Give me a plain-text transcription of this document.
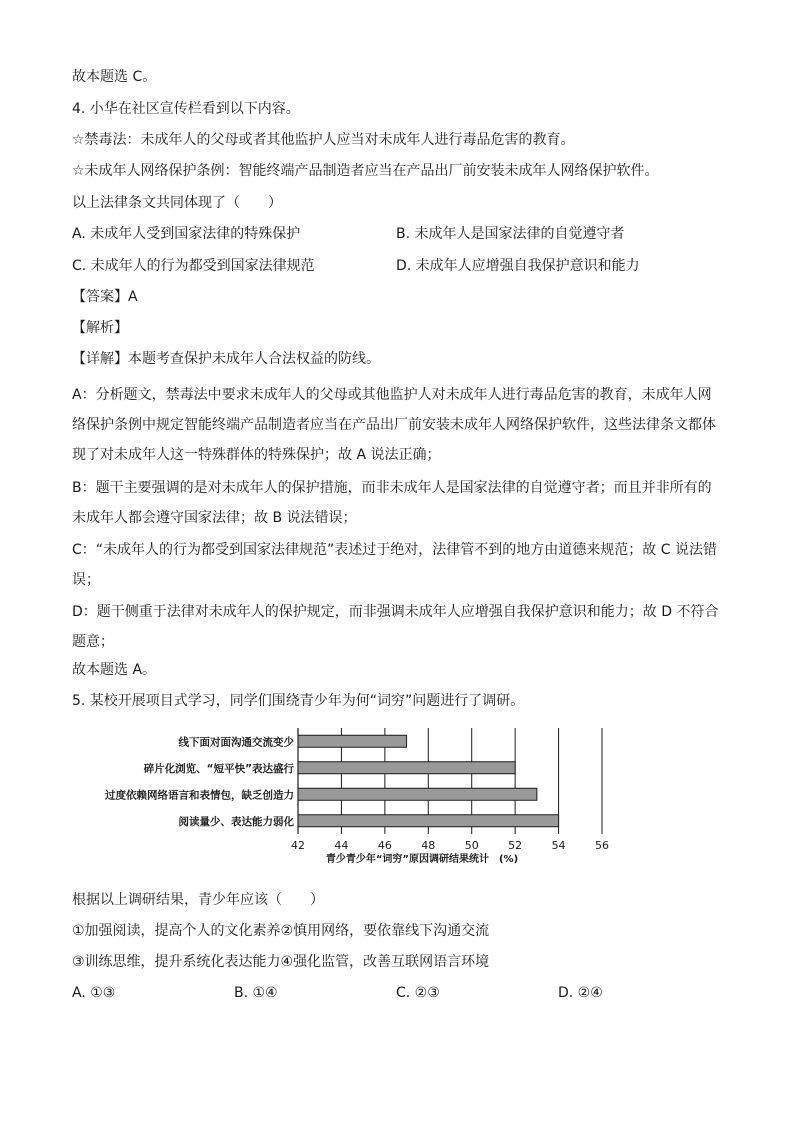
故本题选 C。
4. 小华在社区宣传栏看到以下内容。
☆禁毒法：未成年人的父母或者其他监护人应当对未成年人进行毒品危害的教育。
☆未成年人网络保护条例：智能终端产品制造者应当在产品出厂前安装未成年人网络保护软件。
以上法律条文共同体现了（　　）
A. 未成年人受到国家法律的特殊保护	B. 未成年人是国家法律的自觉遵守者
C. 未成年人的行为都受到国家法律规范	D. 未成年人应增强自我保护意识和能力
【答案】A
【解析】
【详解】本题考查保护未成年人合法权益的防线。
A：分析题文，禁毒法中要求未成年人的父母或其他监护人对未成年人进行毒品危害的教育，未成年人网络保护条例中规定智能终端产品制造者应当在产品出厂前安装未成年人网络保护软件，这些法律条文都体现了对未成年人这一特殊群体的特殊保护；故 A 说法正确；
B：题干主要强调的是对未成年人的保护措施，而非未成年人是国家法律的自觉遵守者；而且并非所有的未成年人都会遵守国家法律；故 B 说法错误；
C：“未成年人的行为都受到国家法律规范”表述过于绝对，法律管不到的地方由道德来规范；故 C 说法错误；
D：题干侧重于法律对未成年人的保护规定，而非强调未成年人应增强自我保护意识和能力；故 D 不符合题意；
故本题选 A。
5. 某校开展项目式学习，同学们围绕青少年为何“词穷”问题进行了调研。
线下面对面沟通交流变少
碎片化浏览、“短平快”表达盛行
过度依赖网络语言和表情包，缺乏创造力
阅读量少、表达能力弱化
42	44	46	48	50	52	54	56
青少青少年“词穷”原因调研结果统计　(%)
根据以上调研结果，青少年应该（　　）
①加强阅读，提高个人的文化素养②慎用网络，要依靠线下沟通交流
③训练思维，提升系统化表达能力④强化监管，改善互联网语言环境
A. ①③	B. ①④	C. ②③	D. ②④
